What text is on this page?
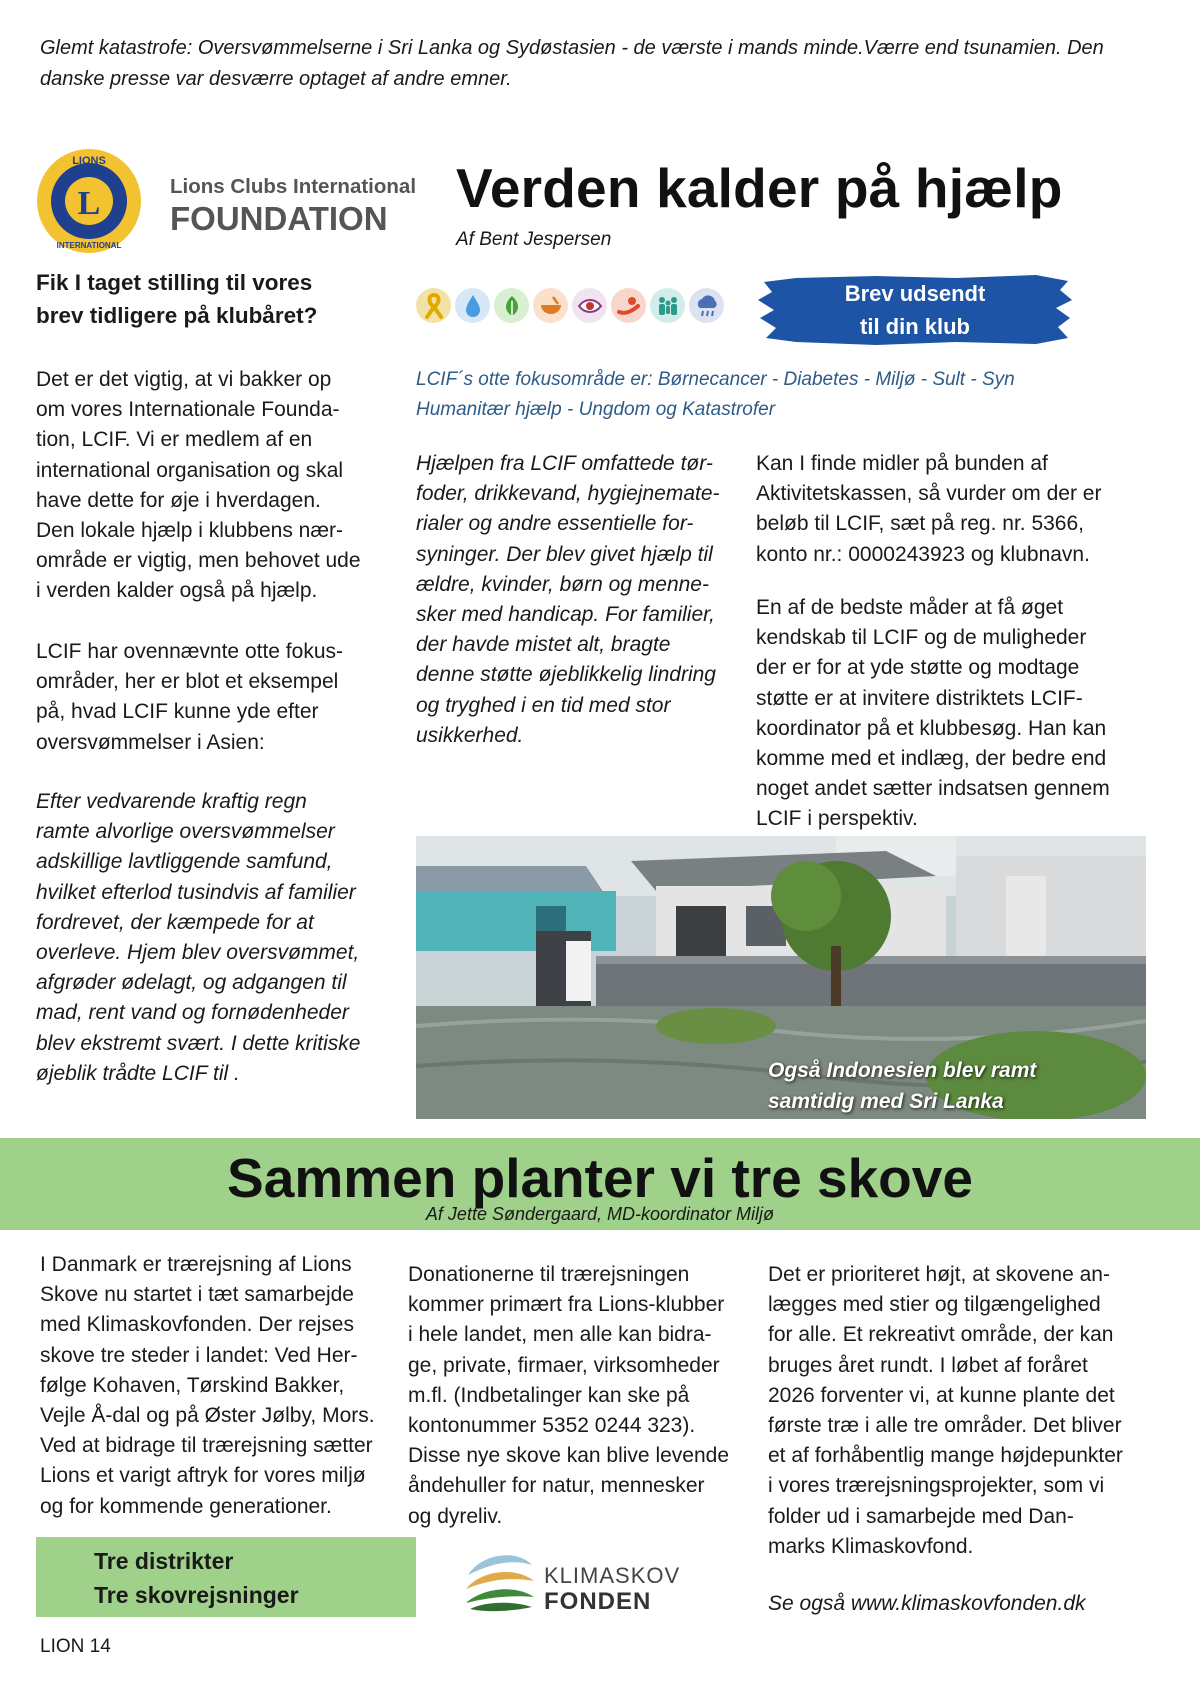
Glemt katastrofe: Oversvømmelserne i Sri Lanka og Sydøstasien - de værste i mands minde.Værre end tsunamien. Den danske presse var desværre optaget af andre emner.
L
LIONS
INTERNATIONAL
Lions Clubs International
FOUNDATION Verden kalder på hjælp
Af Bent Jespersen
Fik I taget stilling til vores
brev tidligere på klubåret?
Det er det vigtig, at vi bakker op
om vores Internationale Founda-
tion, LCIF. Vi er medlem af en
international organisation og skal
have dette for øje i hverdagen.
Den lokale hjælp i klubbens nær-
område er vigtig, men behovet ude
i verden kalder også på hjælp.
LCIF har ovennævnte otte fokus-
områder, her er blot et eksempel
på, hvad LCIF kunne yde efter
oversvømmelser i Asien:
Efter vedvarende kraftig regn
ramte alvorlige oversvømmelser
adskillige lavtliggende samfund,
hvilket efterlod tusindvis af familier
fordrevet, der kæmpede for at
overleve. Hjem blev oversvømmet,
afgrøder ødelagt, og adgangen til
mad, rent vand og fornødenheder
blev ekstremt svært. I dette kritiske
øjeblik trådte LCIF til .
Brev udsendt
til din klub
LCIF´s otte fokusområde er: Børnecancer - Diabetes - Miljø - Sult - Syn
Humanitær hjælp - Ungdom og Katastrofer
Hjælpen fra LCIF omfattede tør-
foder, drikkevand, hygiejnemate-
rialer og andre essentielle for-
syninger. Der blev givet hjælp til
ældre, kvinder, børn og menne-
sker med handicap. For familier,
der havde mistet alt, bragte
denne støtte øjeblikkelig lindring
og tryghed i en tid med stor
usikkerhed.
Kan I finde midler på bunden af
Aktivitetskassen, så vurder om der er
beløb til LCIF, sæt på reg. nr. 5366,
konto nr.: 0000243923 og klubnavn.
En af de bedste måder at få øget
kendskab til LCIF og de muligheder
der er for at yde støtte og modtage
støtte er at invitere distriktets LCIF-
koordinator på et klubbesøg. Han kan
komme med et indlæg, der bedre end
noget andet sætter indsatsen gennem
LCIF i perspektiv.
Også Indonesien blev ramt
samtidig med Sri Lanka
Sammen planter vi tre skove
Af Jette Søndergaard, MD-koordinator Miljø
I Danmark er trærejsning af Lions
Skove nu startet i tæt samarbejde
med Klimaskovfonden. Der rejses
skove tre steder i landet: Ved Her-
følge Kohaven, Tørskind Bakker,
Vejle Å-dal og på Øster Jølby, Mors.
Ved at bidrage til trærejsning sætter
Lions et varigt aftryk for vores miljø
og for kommende generationer.
Donationerne til trærejsningen
kommer primært fra Lions-klubber
i hele landet, men alle kan bidra-
ge, private, firmaer, virksomheder
m.fl. (Indbetalinger kan ske på
kontonummer 5352 0244 323).
Disse nye skove kan blive levende
åndehuller for natur, mennesker
og dyreliv.
Det er prioriteret højt, at skovene an-
lægges med stier og tilgængelighed
for alle. Et rekreativt område, der kan
bruges året rundt. I løbet af foråret
2026 forventer vi, at kunne plante det
første træ i alle tre områder. Det bliver
et af forhåbentlig mange højdepunkter
i vores trærejsningsprojekter, som vi
folder ud i samarbejde med Dan-
marks Klimaskovfond.
Se også www.klimaskovfonden.dk
Tre distrikter
Tre skovrejsninger
KLIMASKOV
FONDEN
LION 14
